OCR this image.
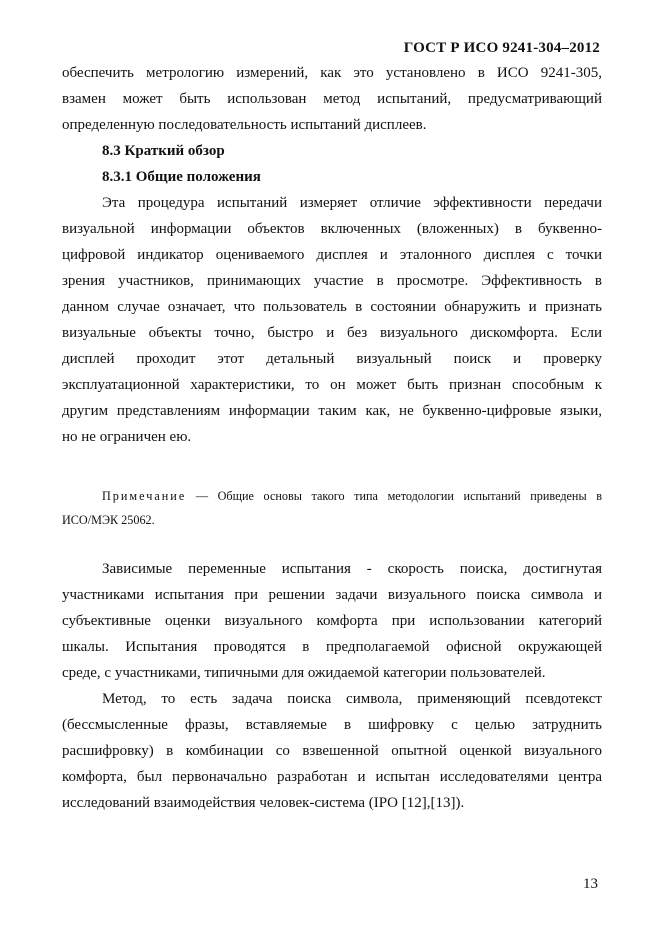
ГОСТ Р ИСО 9241-304–2012
обеспечить метрологию измерений, как это установлено в ИСО 9241-305,
взамен может быть использован метод испытаний, предусматривающий
определенную последовательность испытаний дисплеев.
8.3 Краткий обзор
8.3.1 Общие положения
Эта процедура испытаний измеряет отличие эффективности передачи
визуальной информации объектов включенных (вложенных) в буквенно-
цифровой индикатор оцениваемого дисплея и эталонного дисплея с точки
зрения участников, принимающих участие в просмотре. Эффективность в
данном случае означает, что пользователь в состоянии обнаружить и признать
визуальные объекты точно, быстро и без визуального дискомфорта. Если
дисплей проходит этот детальный визуальный поиск и проверку
эксплуатационной характеристики, то он может быть признан способным к
другим представлениям информации таким как, не буквенно-цифровые языки,
но не ограничен ею.
Примечание — Общие основы такого типа методологии испытаний приведены в
ИСО/МЭК 25062.
Зависимые переменные испытания - скорость поиска, достигнутая
участниками испытания при решении задачи визуального поиска символа и
субъективные оценки визуального комфорта при использовании категорий
шкалы. Испытания проводятся в предполагаемой офисной окружающей
среде, с участниками, типичными для ожидаемой категории пользователей.
Метод, то есть задача поиска символа, применяющий псевдотекст
(бессмысленные фразы, вставляемые в шифровку с целью затруднить
расшифровку) в комбинации со взвешенной опытной оценкой визуального
комфорта, был первоначально разработан и испытан исследователями центра
исследований взаимодействия человек-система (IPO [12],[13]).
13
